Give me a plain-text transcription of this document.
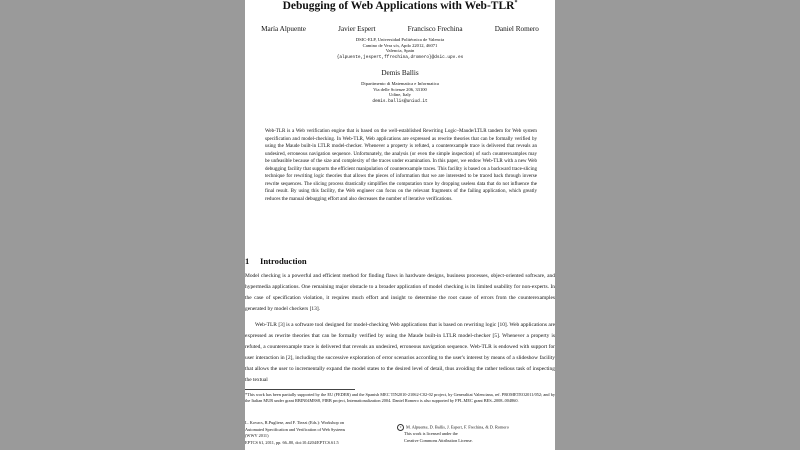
Debugging of Web Applications with Web-TLR*
María Alpuente	Javier Espert	Francisco Frechina	Daniel Romero
DSIC-ELP, Universidad Politécnica de Valencia
Camino de Vera s/n, Apdo 22012, 46071
Valencia, Spain
{alpuente,jespert,ffrechina,dromero}@dsic.upv.es
Demis Ballis
Dipartimento di Matematica e Informatica
Via delle Scienze 206, 33100
Udine, Italy
demis.ballis@uniud.it

Web-TLR is a Web verification engine that is based on the well-established Rewriting Logic–Maude/LTLR tandem for Web system specification and model-checking. In Web-TLR, Web applications are expressed as rewrite theories that can be formally verified by using the Maude built-in LTLR model-checker. Whenever a property is refuted, a counterexample trace is delivered that reveals an undesired, erroneous navigation sequence. Unfortunately, the analysis (or even the simple inspection) of such counterexamples may be unfeasible because of the size and complexity of the traces under examination. In this paper, we endow Web-TLR with a new Web debugging facility that supports the efficient manipulation of counterexample traces. This facility is based on a backward trace-slicing technique for rewriting logic theories that allows the pieces of information that we are interested to be traced back through inverse rewrite sequences. The slicing process drastically simplifies the computation trace by dropping useless data that do not influence the final result. By using this facility, the Web engineer can focus on the relevant fragments of the failing application, which greatly reduces the manual debugging effort and also decreases the number of iterative verifications.

1 Introduction

Model checking is a powerful and efficient method for finding flaws in hardware designs, business processes, object-oriented software, and hypermedia applications. One remaining major obstacle to a broader application of model checking is its limited usability for non-experts. In the case of specification violation, it requires much effort and insight to determine the root cause of errors from the counterexamples generated by model checkers [13].

Web-TLR [3] is a software tool designed for model-checking Web applications that is based on rewriting logic [10]. Web applications are expressed as rewrite theories that can be formally verified by using the Maude built-in LTLR model-checker [5]. Whenever a property is refuted, a counterexample trace is delivered that reveals an undesired, erroneous navigation sequence. Web-TLR is endowed with support for user interaction in [2], including the successive exploration of error scenarios according to the user's interest by means of a slideshow facility that allows the user to incrementally expand the model states to the desired level of detail, thus avoiding the rather tedious task of inspecting the textual

*This work has been partially supported by the EU (FEDER) and the Spanish MEC TIN2010-21062-C02-02 project, by Generalitat Valenciana, ref. PROMETEO2011/052; and by the Italian MUR under grant RBIN04M8S8, FIRB project, Internationalization 2004. Daniel Romero is also supported by FPI–MEC grant BES–2008–004860.

L. Kovacs, R.Pugliese, and F. Tiezzi (Eds.): Workshop on
Automated Specification and Verification of Web Systems
(WWV 2011)
EPTCS 61, 2011, pp. 66–80, doi:10.4204/EPTCS.61.5
c M. Alpuente, D. Ballis, J. Espert, F. Frechina, & D. Romero
This work is licensed under the
Creative Commons Attribution License.
